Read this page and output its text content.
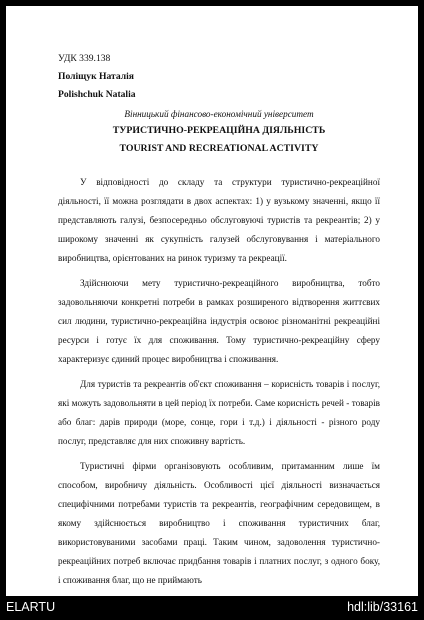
УДК 339.138
Поліщук Наталія
Polishchuk Natalia
Вінницький фінансово-економічний університет
ТУРИСТИЧНО-РЕКРЕАЦІЙНА ДІЯЛЬНІСТЬ
TOURIST AND RECREATIONAL ACTIVITY

У відповідності до складу та структури туристично-рекреаційної діяльності, її можна розглядати в двох аспектах: 1) у вузькому значенні, якщо її представляють галузі, безпосередньо обслуговуючі туристів та рекреантів; 2) у широкому значенні як сукупність галузей обслуговування і матеріального виробництва, орієнтованих на ринок туризму та рекреації.

Здійснюючи мету туристично-рекреаційного виробництва, тобто задовольняючи конкретні потреби в рамках розширеного відтворення життєвих сил людини, туристично-рекреаційна індустрія освоює різноманітні рекреаційні ресурси і готує їх для споживання. Тому туристично-рекреаційну сферу характеризує єдиний процес виробництва і споживання.

Для туристів та рекреантів об'єкт споживання – корисність товарів і послуг, які можуть задовольняти в цей період їх потреби. Саме корисність речей - товарів або благ: дарів природи (море, сонце, гори і т.д.) і діяльності - різного роду послуг, представляє для них споживну вартість.

Туристичні фірми організовують особливим, притаманним лише їм способом, виробничу діяльність. Особливості цієї діяльності визначається специфічними потребами туристів та рекреантів, географічним середовищем, в якому здійснюється виробництво і споживання туристичних благ, використовуваними засобами праці. Таким чином, задоволення туристично-рекреаційних потреб включає придбання товарів і платних послуг, з одного боку, і споживання благ, що не приймають

ELARTU	hdl:lib/33161
